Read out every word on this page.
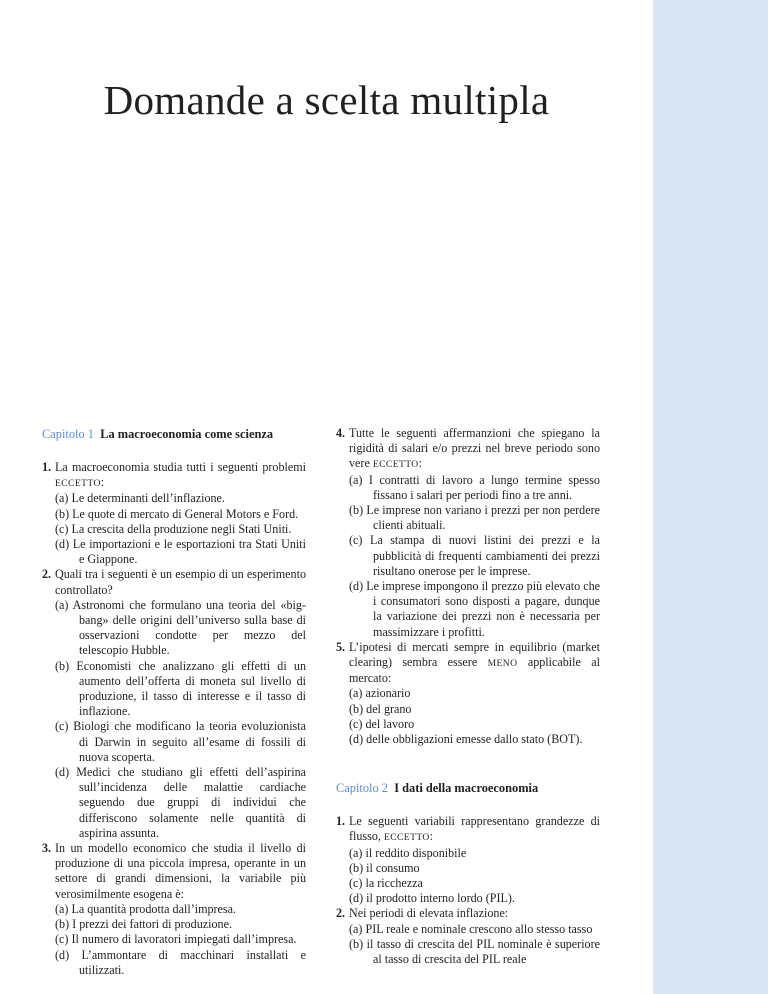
Domande a scelta multipla
Capitolo 1 La macroeconomia come scienza
1. La macroeconomia studia tutti i seguenti problemi ECCETTO:
(a) Le determinanti dell’inflazione.
(b) Le quote di mercato di General Motors e Ford.
(c) La crescita della produzione negli Stati Uniti.
(d) Le importazioni e le esportazioni tra Stati Uniti e Giappone.
2. Quali tra i seguenti è un esempio di un esperimento controllato?
(a) Astronomi che formulano una teoria del «big-bang» delle origini dell’universo sulla base di osservazioni condotte per mezzo del telescopio Hubble.
(b) Economisti che analizzano gli effetti di un aumento dell’offerta di moneta sul livello di produzione, il tasso di interesse e il tasso di inflazione.
(c) Biologi che modificano la teoria evoluzionista di Darwin in seguito all’esame di fossili di nuova scoperta.
(d) Medici che studiano gli effetti dell’aspirina sull’incidenza delle malattie cardiache seguendo due gruppi di individui che differiscono solamente nelle quantità di aspirina assunta.
3. In un modello economico che studia il livello di produzione di una piccola impresa, operante in un settore di grandi dimensioni, la variabile più verosimilmente esogena è:
(a) La quantità prodotta dall’impresa.
(b) I prezzi dei fattori di produzione.
(c) Il numero di lavoratori impiegati dall’impresa.
(d) L’ammontare di macchinari installati e utilizzati.
4. Tutte le seguenti affermanzioni che spiegano la rigidità di salari e/o prezzi nel breve periodo sono vere ECCETTO:
(a) I contratti di lavoro a lungo termine spesso fissano i salari per periodi fino a tre anni.
(b) Le imprese non variano i prezzi per non perdere clienti abituali.
(c) La stampa di nuovi listini dei prezzi e la pubblicità di frequenti cambiamenti dei prezzi risultano onerose per le imprese.
(d) Le imprese impongono il prezzo più elevato che i consumatori sono disposti a pagare, dunque la variazione dei prezzi non è necessaria per massimizzare i profitti.
5. L’ipotesi di mercati sempre in equilibrio (market clearing) sembra essere MENO applicabile al mercato:
(a) azionario
(b) del grano
(c) del lavoro
(d) delle obbligazioni emesse dallo stato (BOT).
Capitolo 2 I dati della macroeconomia
1. Le seguenti variabili rappresentano grandezze di flusso, ECCETTO:
(a) il reddito disponibile
(b) il consumo
(c) la ricchezza
(d) il prodotto interno lordo (PIL).
2. Nei periodi di elevata inflazione:
(a) PIL reale e nominale crescono allo stesso tasso
(b) il tasso di crescita del PIL nominale è superiore al tasso di crescita del PIL reale
